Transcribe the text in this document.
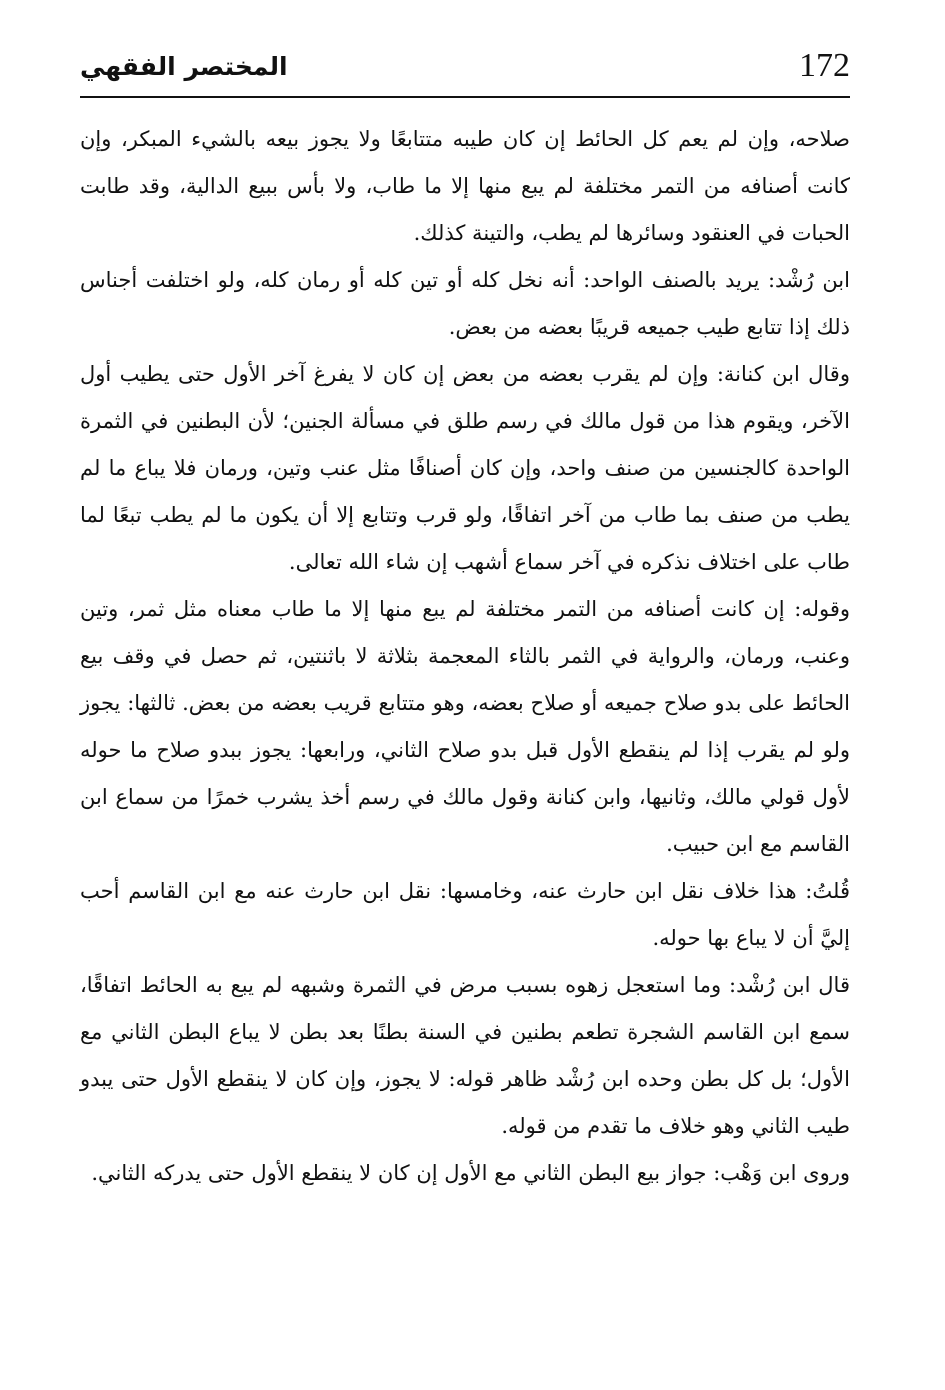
172
المختصر الفقهي

صلاحه، وإن لم يعم كل الحائط إن كان طيبه متتابعًا ولا يجوز بيعه بالشيء المبكر، وإن كانت أصنافه من التمر مختلفة لم يبع منها إلا ما طاب، ولا بأس ببيع الدالية، وقد طابت الحبات في العنقود وسائرها لم يطب، والتينة كذلك.

ابن رُشْد: يريد بالصنف الواحد: أنه نخل كله أو تين كله أو رمان كله، ولو اختلفت أجناس ذلك إذا تتابع طيب جميعه قريبًا بعضه من بعض.

وقال ابن كنانة: وإن لم يقرب بعضه من بعض إن كان لا يفرغ آخر الأول حتى يطيب أول الآخر، ويقوم هذا من قول مالك في رسم طلق في مسألة الجنين؛ لأن البطنين في الثمرة الواحدة كالجنسين من صنف واحد، وإن كان أصنافًا مثل عنب وتين، ورمان فلا يباع ما لم يطب من صنف بما طاب من آخر اتفاقًا، ولو قرب وتتابع إلا أن يكون ما لم يطب تبعًا لما طاب على اختلاف نذكره في آخر سماع أشهب إن شاء الله تعالى.

وقوله: إن كانت أصنافه من التمر مختلفة لم يبع منها إلا ما طاب معناه مثل ثمر، وتين وعنب، ورمان، والرواية في الثمر بالثاء المعجمة بثلاثة لا باثنتين، ثم حصل في وقف بيع الحائط على بدو صلاح جميعه أو صلاح بعضه، وهو متتابع قريب بعضه من بعض. ثالثها: يجوز ولو لم يقرب إذا لم ينقطع الأول قبل بدو صلاح الثاني، ورابعها: يجوز ببدو صلاح ما حوله لأول قولي مالك، وثانيها، وابن كنانة وقول مالك في رسم أخذ يشرب خمرًا من سماع ابن القاسم مع ابن حبيب.

قُلتُ: هذا خلاف نقل ابن حارث عنه، وخامسها: نقل ابن حارث عنه مع ابن القاسم أحب إليَّ أن لا يباع بها حوله.

قال ابن رُشْد: وما استعجل زهوه بسبب مرض في الثمرة وشبهه لم يبع به الحائط اتفاقًا، سمع ابن القاسم الشجرة تطعم بطنين في السنة بطنًا بعد بطن لا يباع البطن الثاني مع الأول؛ بل كل بطن وحده ابن رُشْد ظاهر قوله: لا يجوز، وإن كان لا ينقطع الأول حتى يبدو طيب الثاني وهو خلاف ما تقدم من قوله.

وروى ابن وَهْب: جواز بيع البطن الثاني مع الأول إن كان لا ينقطع الأول حتى يدركه الثاني.
